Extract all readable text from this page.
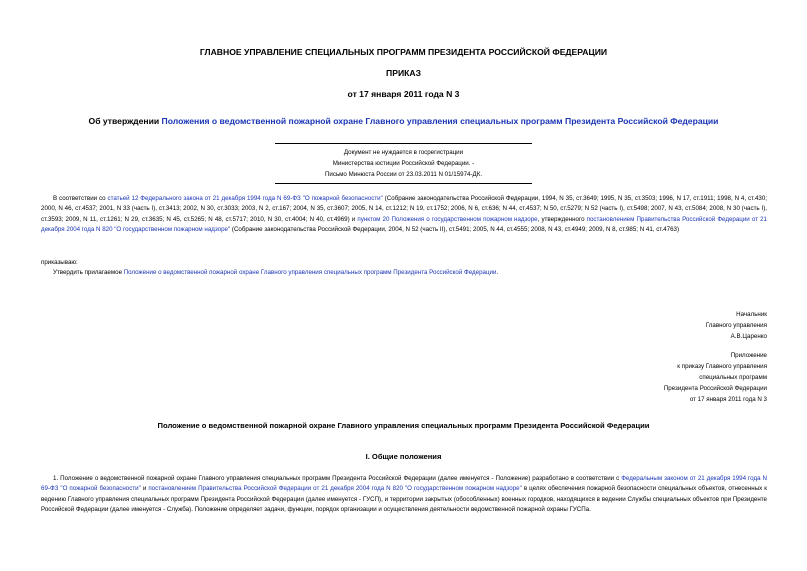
ГЛАВНОЕ УПРАВЛЕНИЕ СПЕЦИАЛЬНЫХ ПРОГРАММ ПРЕЗИДЕНТА РОССИЙСКОЙ ФЕДЕРАЦИИ
ПРИКАЗ
от 17 января 2011 года N 3
Об утверждении Положения о ведомственной пожарной охране Главного управления специальных программ Президента Российской Федерации
Документ не нуждается в госрегистрации
Министерства юстиции Российской Федерации. -
Письмо Минюста России от 23.03.2011 N 01/15974-ДК.
В соответствии со статьей 12 Федерального закона от 21 декабря 1994 года N 69-ФЗ "О пожарной безопасности" (Собрание законодательства Российской Федерации, 1994, N 35, ст.3649; 1995, N 35, ст.3503; 1996, N 17, ст.1911; 1998, N 4, ст.430; 2000, N 46, ст.4537; 2001, N 33 (часть I), ст.3413; 2002, N 30, ст.3033; 2003, N 2, ст.167; 2004, N 35, ст.3607; 2005, N 14, ст.1212; N 19, ст.1752; 2006, N 6, ст.636; N 44, ст.4537; N 50, ст.5279; N 52 (часть I), ст.5498; 2007, N 43, ст.5084; 2008, N 30 (часть I), ст.3593; 2009, N 11, ст.1261; N 29, ст.3635; N 45, ст.5265; N 48, ст.5717; 2010, N 30, ст.4004; N 40, ст.4969) и пунктом 20 Положения о государственном пожарном надзоре, утвержденного постановлением Правительства Российской Федерации от 21 декабря 2004 года N 820 "О государственном пожарном надзоре" (Собрание законодательства Российской Федерации, 2004, N 52 (часть II), ст.5491; 2005, N 44, ст.4555; 2008, N 43, ст.4949; 2009, N 8, ст.985; N 41, ст.4763)
приказываю:
Утвердить прилагаемое Положение о ведомственной пожарной охране Главного управления специальных программ Президента Российской Федерации.
Начальник
Главного управления
А.В.Царенко
Приложение
к приказу Главного управления
специальных программ
Президента Российской Федерации
от 17 января 2011 года N 3
Положение о ведомственной пожарной охране Главного управления специальных программ Президента Российской Федерации
I. Общие положения
1. Положение о ведомственной пожарной охране Главного управления специальных программ Президента Российской Федерации (далее именуется - Положение) разработано в соответствии с Федеральным законом от 21 декабря 1994 года N 69-ФЗ "О пожарной безопасности" и постановлением Правительства Российской Федерации от 21 декабря 2004 года N 820 "О государственном пожарном надзоре" в целях обеспечения пожарной безопасности специальных объектов, отнесенных к ведению Главного управления специальных программ Президента Российской Федерации (далее именуется - ГУСП), и территории закрытых (обособленных) военных городков, находящихся в ведении Службы специальных объектов при Президенте Российской Федерации (далее именуется - Служба). Положение определяет задачи, функции, порядок организации и осуществления деятельности ведомственной пожарной охраны ГУСПа.
